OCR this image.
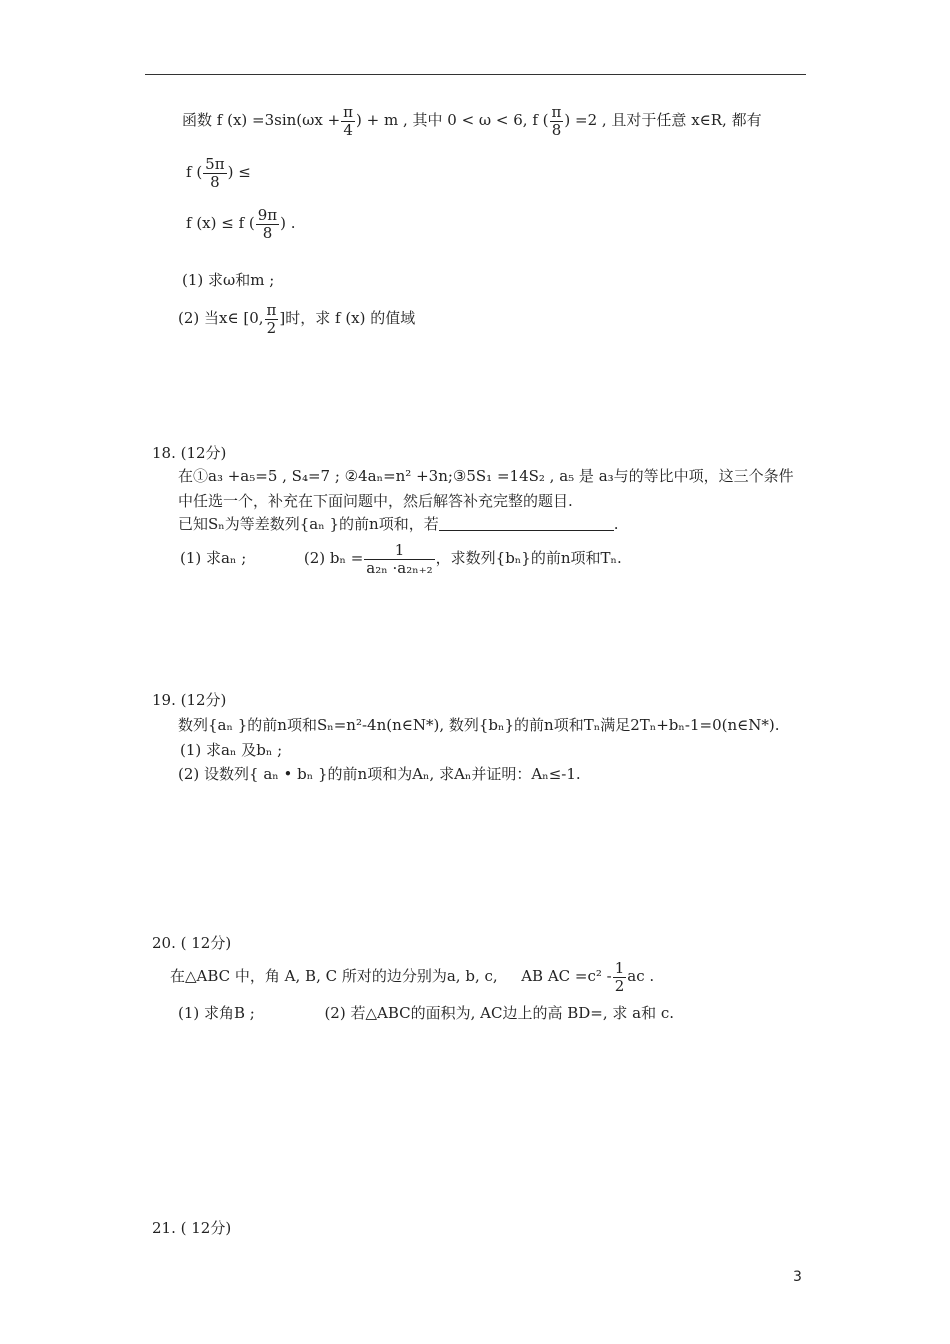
函数 f $(x) =3\sin(\omega x + \frac{\pi}{4}$ ) + m , 其中 0 < ω < 6, f ( $\frac{\pi}{8}$ ) =2 , 且对于任意 x∈R, 都有
f ( $\frac{5\pi}{8}$ ) ≤
f (x) ≤ f ( $\frac{9\pi}{8}$ ) .
(1) 求ω和m ;
(2) 当x∈ [0, $\frac{\pi}{2}$ ]时，求 f (x) 的值域
18. (12分)
在①a₃ +a₅=5 , S₄=7 ; ②4aₙ=n² +3n;③5S₁ =14S₂ , a₅ 是 a₃与的等比中项，这三个条件
中任选一个，补充在下面问题中，然后解答补充完整的题目.
已知Sₙ为等差数列{aₙ }的前n项和，若	.
(1) 求aₙ ;	(2) $b_n = \frac{1}{\text{a₂ₙ ·a₂ₙ₊₂}}$ ，求数列{bₙ}的前n项和Tₙ.
19. (12分)
数列{aₙ }的前n项和Sₙ=n²-4n(n∈N*), 数列{bₙ}的前n项和Tₙ满足2Tₙ+bₙ-1=0(n∈N*).
(1) 求aₙ 及bₙ ;
(2) 设数列{ aₙ • bₙ }的前n项和为Aₙ, 求Aₙ并证明：Aₙ≤-1.
20. ( 12分)
在△ABC 中，角 A, B, C 所对的边分别为a, b, c, AB AC $=c^2 - \frac{1}{2}$ ac .
(1) 求角B ;	(2) 若△ABC的面积为, AC边上的高 BD=, 求 a和 c.
21. ( 12分)
3
